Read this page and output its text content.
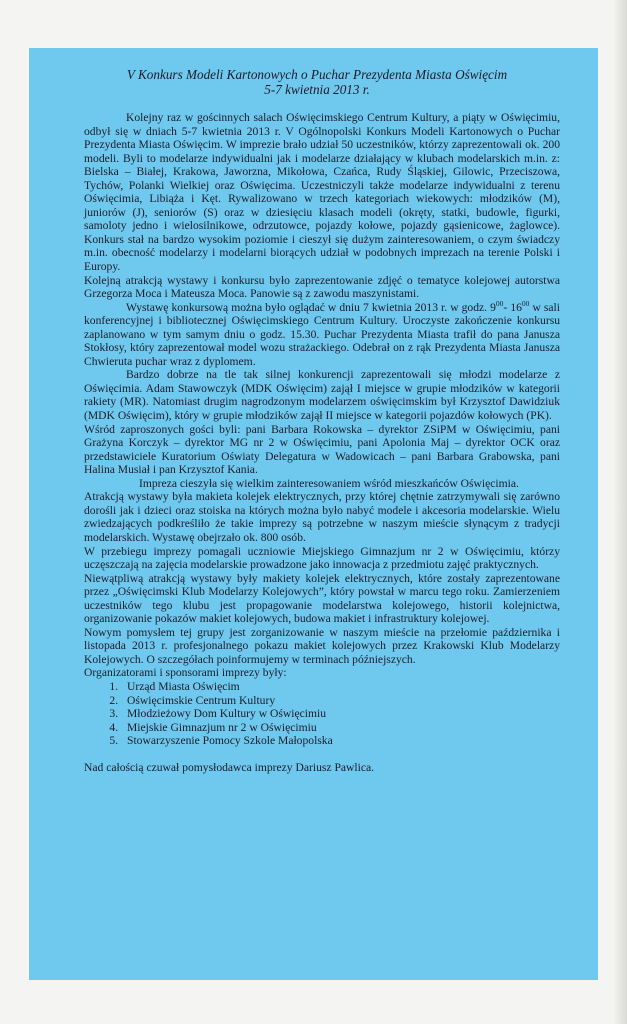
V Konkurs Modeli Kartonowych o Puchar Prezydenta Miasta Oświęcim
5-7 kwietnia 2013 r.

Kolejny raz w gościnnych salach Oświęcimskiego Centrum Kultury, a piąty w Oświęcimiu, odbył się w dniach 5-7 kwietnia 2013 r. V Ogólnopolski Konkurs Modeli Kartonowych o Puchar Prezydenta Miasta Oświęcim. W imprezie brało udział 50 uczestników, którzy zaprezentowali ok. 200 modeli. Byli to modelarze indywidualni jak i modelarze działający w klubach modelarskich m.in. z: Bielska – Białej, Krakowa, Jaworzna, Mikołowa, Czańca, Rudy Śląskiej, Gilowic, Przeciszowa, Tychów, Polanki Wielkiej oraz Oświęcima. Uczestniczyli także modelarze indywidualni z terenu Oświęcimia, Libiąża i Kęt. Rywalizowano w trzech kategoriach wiekowych: młodzików (M), juniorów (J), seniorów (S) oraz w dziesięciu klasach modeli (okręty, statki, budowle, figurki, samoloty jedno i wielosilnikowe, odrzutowce, pojazdy kołowe, pojazdy gąsienicowe, żaglowce). Konkurs stał na bardzo wysokim poziomie i cieszył się dużym zainteresowaniem, o czym świadczy m.in. obecność modelarzy i modelarni biorących udział w podobnych imprezach na terenie Polski i Europy.

Kolejną atrakcją wystawy i konkursu było zaprezentowanie zdjęć o tematyce kolejowej autorstwa Grzegorza Moca i Mateusza Moca. Panowie są z zawodu maszynistami.

Wystawę konkursową można było oglądać w dniu 7 kwietnia 2013 r. w godz. $9^{00}-$ $16^{00}$ w sali konferencyjnej i bibliotecznej Oświęcimskiego Centrum Kultury. Uroczyste zakończenie konkursu zaplanowano w tym samym dniu o godz. 15.30. Puchar Prezydenta Miasta trafił do pana Janusza Stokłosy, który zaprezentował model wozu strażackiego. Odebrał on z rąk Prezydenta Miasta Janusza Chwieruta puchar wraz z dyplomem.

Bardzo dobrze na tle tak silnej konkurencji zaprezentowali się młodzi modelarze z Oświęcimia. Adam Stawowczyk (MDK Oświęcim) zajął I miejsce w grupie młodzików w kategorii rakiety (MR). Natomiast drugim nagrodzonym modelarzem oświęcimskim był Krzysztof Dawidziuk (MDK Oświęcim), który w grupie młodzików zajął II miejsce w kategorii pojazdów kołowych (PK).

Wśród zaproszonych gości byli: pani Barbara Rokowska – dyrektor ZSiPM w Oświęcimiu, pani Grażyna Korczyk – dyrektor MG nr 2 w Oświęcimiu, pani Apolonia Maj – dyrektor OCK oraz przedstawiciele Kuratorium Oświaty Delegatura w Wadowicach – pani Barbara Grabowska, pani Halina Musiał i pan Krzysztof Kania.

Impreza cieszyła się wielkim zainteresowaniem wśród mieszkańców Oświęcimia.

Atrakcją wystawy była makieta kolejek elektrycznych, przy której chętnie zatrzymywali się zarówno dorośli jak i dzieci oraz stoiska na których można było nabyć modele i akcesoria modelarskie. Wielu zwiedzających podkreśliło że takie imprezy są potrzebne w naszym mieście słynącym z tradycji modelarskich. Wystawę obejrzało ok. 800 osób.

W przebiegu imprezy pomagali uczniowie Miejskiego Gimnazjum nr 2 w Oświęcimiu, którzy uczęszczają na zajęcia modelarskie prowadzone jako innowacja z przedmiotu zajęć praktycznych.

Niewątpliwą atrakcją wystawy były makiety kolejek elektrycznych, które zostały zaprezentowane przez „Oświęcimski Klub Modelarzy Kolejowych”, który powstał w marcu tego roku. Zamierzeniem uczestników tego klubu jest propagowanie modelarstwa kolejowego, historii kolejnictwa, organizowanie pokazów makiet kolejowych, budowa makiet i infrastruktury kolejowej.

Nowym pomysłem tej grupy jest zorganizowanie w naszym mieście na przełomie października i listopada 2013 r. profesjonalnego pokazu makiet kolejowych przez Krakowski Klub Modelarzy Kolejowych. O szczegółach poinformujemy w terminach późniejszych.

Organizatorami i sponsorami imprezy były:

1. Urząd Miasta Oświęcim
2. Oświęcimskie Centrum Kultury
3. Młodzieżowy Dom Kultury w Oświęcimiu
4. Miejskie Gimnazjum nr 2 w Oświęcimiu
5. Stowarzyszenie Pomocy Szkole Małopolska

Nad całością czuwał pomysłodawca imprezy Dariusz Pawlica.
